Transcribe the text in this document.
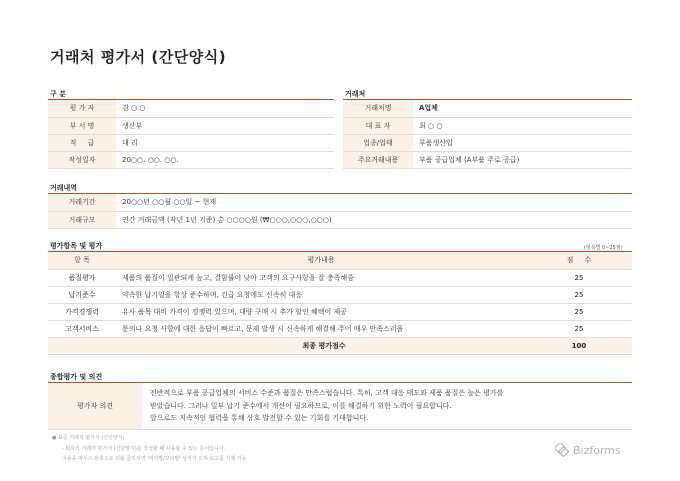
거래처 평가서 (간단양식)
구 분
평 가 자	김 ○ ○
부 서 명	생산부
직     급	대 리
작성일자	20○○. ○○. ○○.
거래처
거래처명	A업체
대 표 자	최 ○ ○
업종/업태	부품생산업
주요거래내용	부품 공급업체 (A부품 주로 공급)
거래내역
거래기간	20○○년 ○○월 ○○일 ~ 현재
거래규모	연간 거래금액 (작년 1년 기준) 총 ○○○○원 (₩○○○,○○○,○○○)
평가항목 및 평가	(항목별 0~25점)
항 목	평가내용	점     수
품질평가	제품의 품질이 일관되게 높고, 결함률이 낮아 고객의 요구사항을 잘 충족해줌	25
납기준수	약속한 납기일을 항상 준수하며, 긴급 요청에도 신속히 대응	25
가격경쟁력	유사 품목 대비 가격이 경쟁력 있으며, 대량 구매 시 추가 할인 혜택이 제공	25
고객서비스	문의나 요청 사항에 대한 응답이 빠르고, 문제 발생 시 신속하게 해결해 주어 매우 만족스러움	25
최종 평가점수		100
종합평가 및 의견
평가자 의견	
전반적으로 부품 공급업체의 서비스 수준과 품질은 만족스럽습니다. 특히, 고객 대응 태도와 제품 품질은 높은 평가를
받았습니다. 그러나 일부 납기 준수에서 개선이 필요하므로, 이를 해결하기 위한 노력이 필요합니다.
앞으로도 지속적인 협력을 통해 상호 발전할 수 있는 기회를 기대합니다.
● 표준 거래처 평가서 (간단양식)
- 회사의 거래처 평가서 (간단양식)를 작성할 때 사용할 수 있는 문서입니다.
이용을 마우스 왼쪽으로 더블 클릭하면 '머리말/꼬리말' 상자가 뜨며 로고를 삭제 가능
Bizforms
